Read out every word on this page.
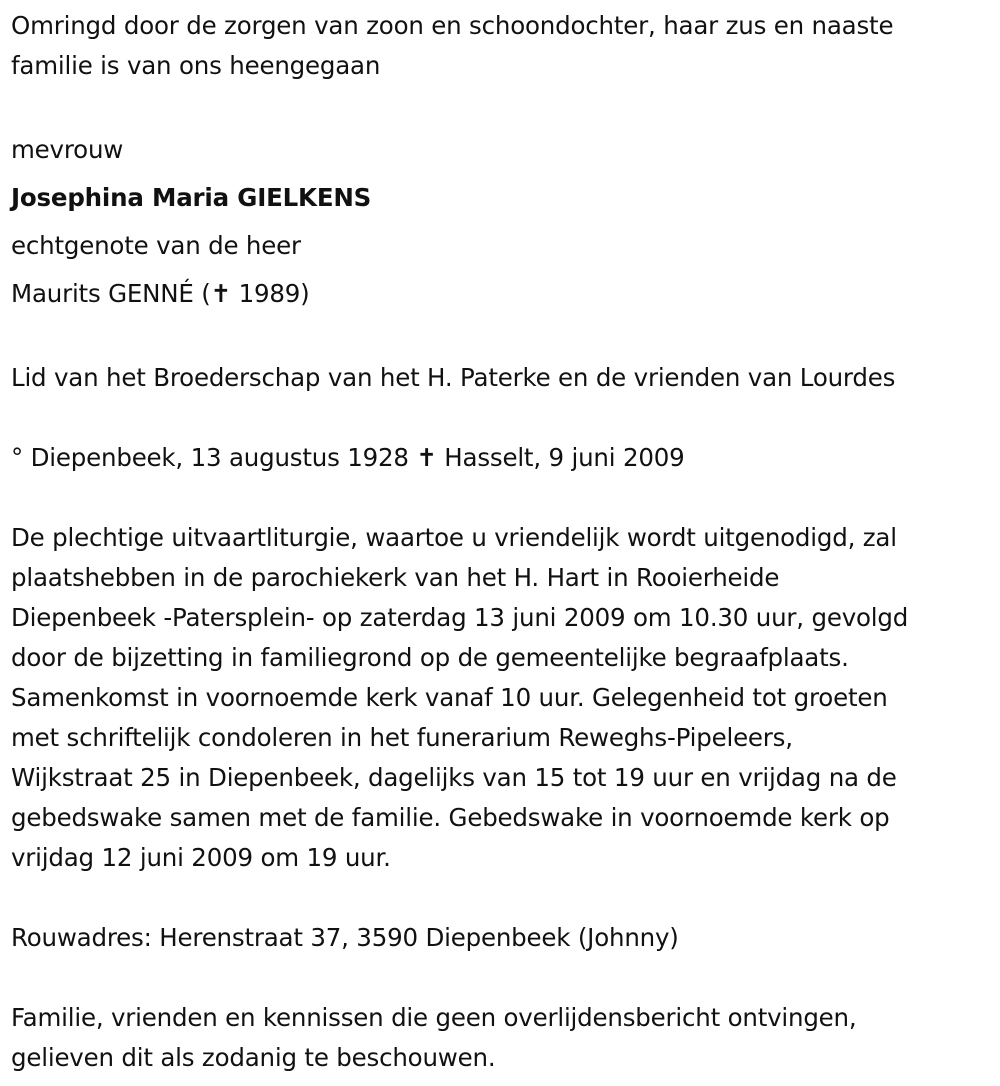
Omringd door de zorgen van zoon en schoondochter, haar zus en naaste

familie is van ons heengegaan

mevrouw

Josephina Maria GIELKENS

echtgenote van de heer

Maurits GENNÉ (✝ 1989)

Lid van het Broederschap van het H. Paterke en de vrienden van Lourdes

° Diepenbeek, 13 augustus 1928 ✝ Hasselt, 9 juni 2009

De plechtige uitvaartliturgie, waartoe u vriendelijk wordt uitgenodigd, zal

plaatshebben in de parochiekerk van het H. Hart in Rooierheide

Diepenbeek -Patersplein- op zaterdag 13 juni 2009 om 10.30 uur, gevolgd

door de bijzetting in familiegrond op de gemeentelijke begraafplaats.

Samenkomst in voornoemde kerk vanaf 10 uur. Gelegenheid tot groeten

met schriftelijk condoleren in het funerarium Reweghs-Pipeleers,

Wijkstraat 25 in Diepenbeek, dagelijks van 15 tot 19 uur en vrijdag na de

gebedswake samen met de familie. Gebedswake in voornoemde kerk op

vrijdag 12 juni 2009 om 19 uur.

Rouwadres: Herenstraat 37, 3590 Diepenbeek (Johnny)

Familie, vrienden en kennissen die geen overlijdensbericht ontvingen,

gelieven dit als zodanig te beschouwen.
